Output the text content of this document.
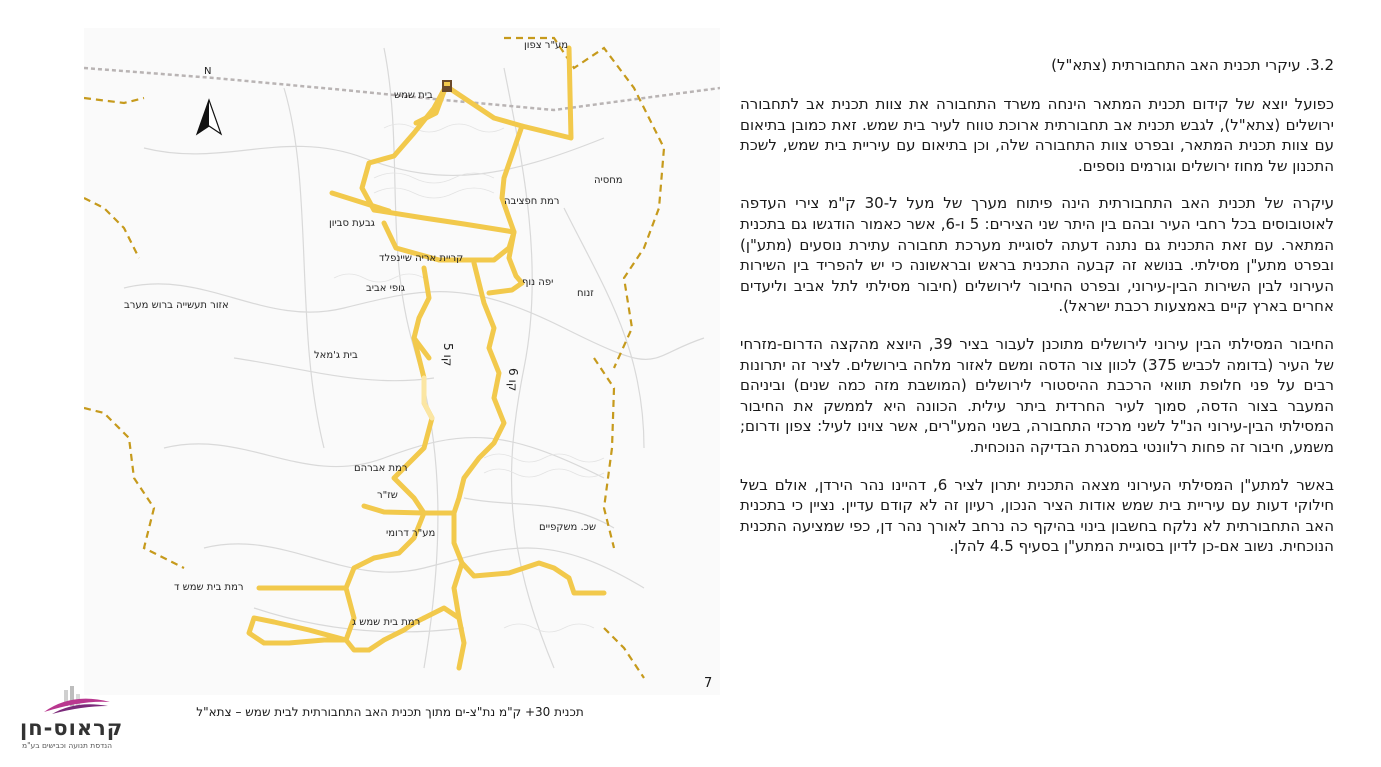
N
מע"ר צפון
בית שמש
מחסיה
רמת חפציבה
גבעת סביון
קריית אריה שיינפלד
גופי אביב
יפה נוף
זנוח
אזור תעשייה ברוש מערב
בית ג'מאל
רמת אברהם
שז"ר
מע"ר דרומי
שכ. משקפיים
רמת בית שמש ד
רמת בית שמש ג
קו 5
קו 6
7
תכנית 30+ ק"מ נת"צ-ים מתוך תכנית האב התחבורתית לבית שמש – צתא"ל
קראוס-חן
הנדסת תנועה וכבישים בע"מ
3.2. עיקרי תכנית האב התחבורתית (צתא"ל)

כפועל יוצא של קידום תכנית המתאר הינחה משרד התחבורה את צוות תכנית אב לתחבורה ירושלים (צתא"ל), לגבש תכנית אב תחבורתית ארוכת טווח לעיר בית שמש. זאת כמובן בתיאום עם צוות תכנית המתאר, ובפרט צוות התחבורה שלה, וכן בתיאום עם עיריית בית שמש, לשכת התכנון של מחוז ירושלים וגורמים נוספים.

עיקרה של תכנית האב התחבורתית הינה פיתוח מערך של מעל ל-30 ק"מ צירי העדפה לאוטובוסים בכל רחבי העיר ובהם בין היתר שני הצירים: 5 ו-6, אשר כאמור הודגשו גם בתכנית המתאר. עם זאת התכנית גם נתנה דעתה לסוגיית מערכת תחבורה עתירת נוסעים (מתע"ן) ובפרט מתע"ן מסילתי. בנושא זה קבעה התכנית בראש ובראשונה כי יש להפריד בין השירות העירוני לבין השירות הבין-עירוני, ובפרט החיבור לירושלים (חיבור מסילתי לתל אביב וליעדים אחרים בארץ קיים באמצעות רכבת ישראל).

החיבור המסילתי הבין עירוני לירושלים מתוכנן לעבור בציר 39, היוצא מהקצה הדרום-מזרחי של העיר (בדומה לכביש 375) לכוון צור הדסה ומשם לאזור מלחה בירושלים. לציר זה יתרונות רבים על פני חלופת תוואי הרכבת ההיסטורי לירושלים (המושבת מזה כמה שנים) וביניהם המעבר בצור הדסה, סמוך לעיר החרדית ביתר עילית. הכוונה היא לממשק את החיבור המסילתי הבין-עירוני הנ"ל לשני מרכזי התחבורה, בשני המע"רים, אשר צוינו לעיל: צפון ודרום; משמע, חיבור זה פחות רלוונטי במסגרת הבדיקה הנוכחית.

באשר למתע"ן המסילתי העירוני מצאה התכנית יתרון לציר 6, דהיינו נהר הירדן, אולם בשל חילוקי דעות עם עיריית בית שמש אודות הציר הנכון, רעיון זה לא קודם עדיין. נציין כי בתכנית האב התחבורתית לא נלקח בחשבון בינוי בהיקף כה נרחב לאורך נהר דן, כפי שמציעה התכנית הנוכחית. נשוב אם-כן לדיון בסוגיית המתע"ן בסעיף 4.5 להלן.
